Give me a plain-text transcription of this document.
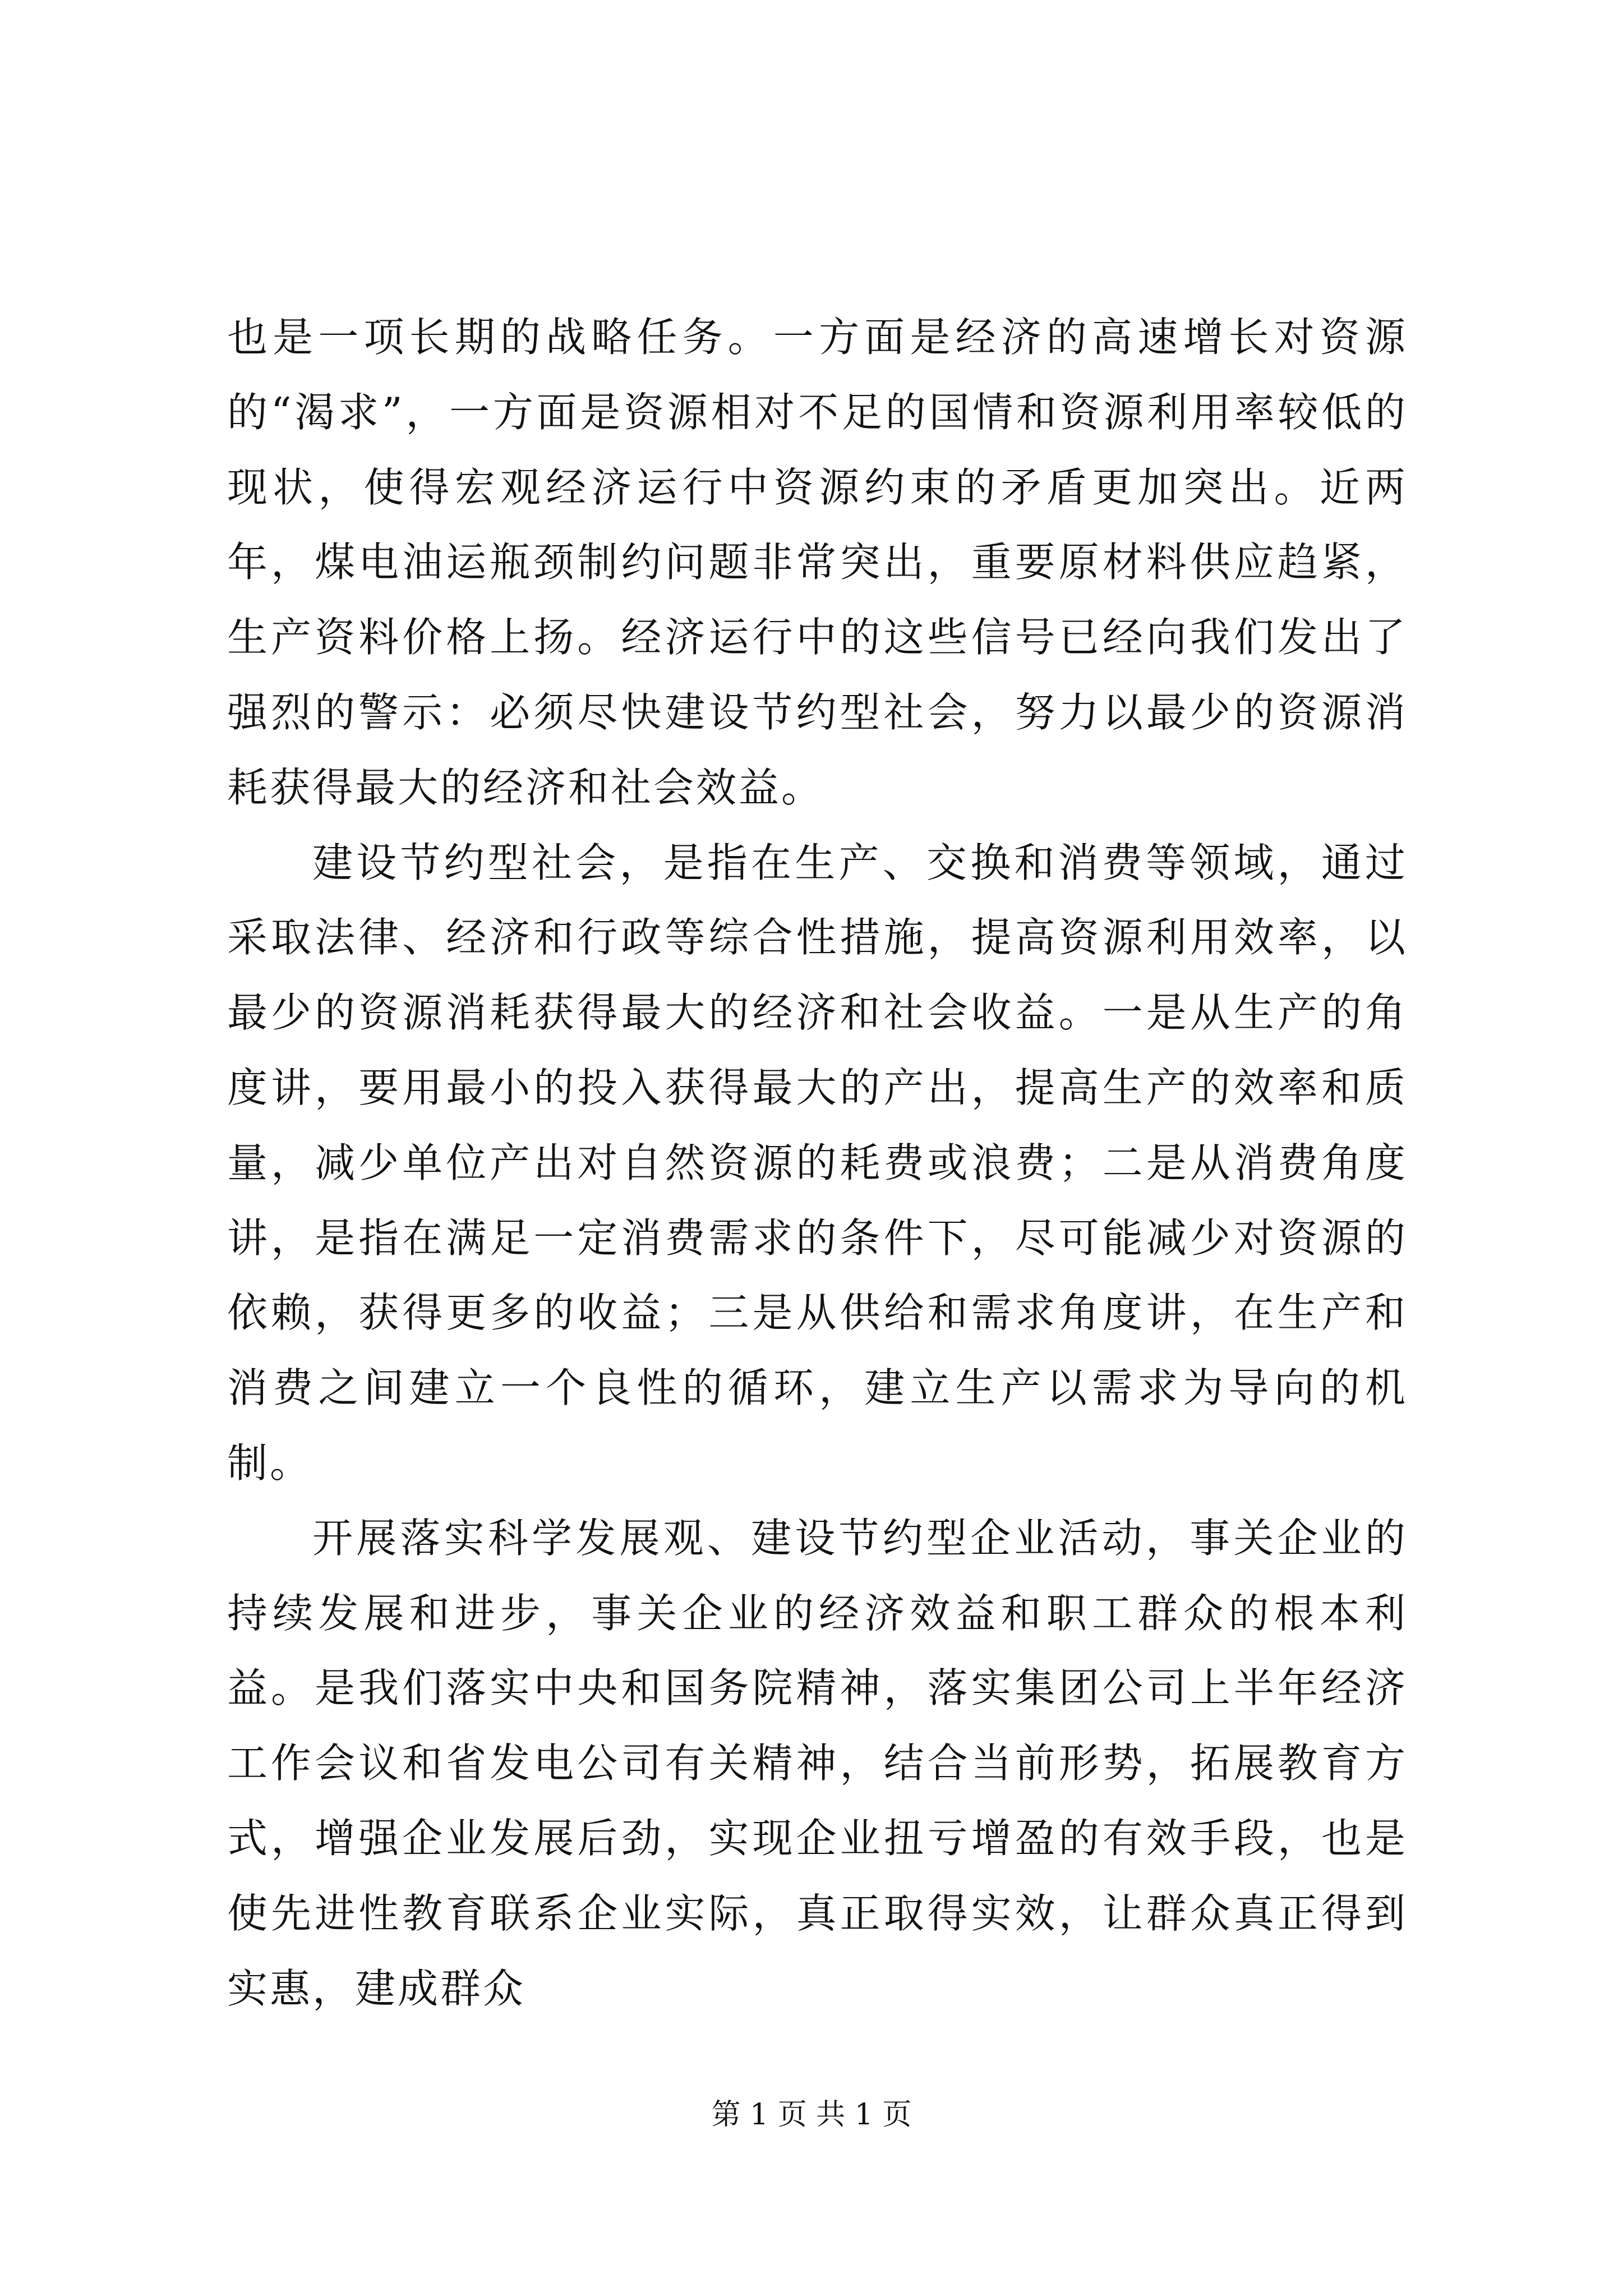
也是一项长期的战略任务。一方面是经济的高速增长对资源的“渴求”，一方面是资源相对不足的国情和资源利用率较低的现状，使得宏观经济运行中资源约束的矛盾更加突出。近两年，煤电油运瓶颈制约问题非常突出，重要原材料供应趋紧，生产资料价格上扬。经济运行中的这些信号已经向我们发出了强烈的警示：必须尽快建设节约型社会，努力以最少的资源消耗获得最大的经济和社会效益。

建设节约型社会，是指在生产、交换和消费等领域，通过采取法律、经济和行政等综合性措施，提高资源利用效率，以最少的资源消耗获得最大的经济和社会收益。一是从生产的角度讲，要用最小的投入获得最大的产出，提高生产的效率和质量，减少单位产出对自然资源的耗费或浪费；二是从消费角度讲，是指在满足一定消费需求的条件下，尽可能减少对资源的依赖，获得更多的收益；三是从供给和需求角度讲，在生产和消费之间建立一个良性的循环，建立生产以需求为导向的机制。

开展落实科学发展观、建设节约型企业活动，事关企业的持续发展和进步，事关企业的经济效益和职工群众的根本利益。是我们落实中央和国务院精神，落实集团公司上半年经济工作会议和省发电公司有关精神，结合当前形势，拓展教育方式，增强企业发展后劲，实现企业扭亏增盈的有效手段，也是使先进性教育联系企业实际，真正取得实效，让群众真正得到实惠，建成群众

第 1 页 共 1 页
